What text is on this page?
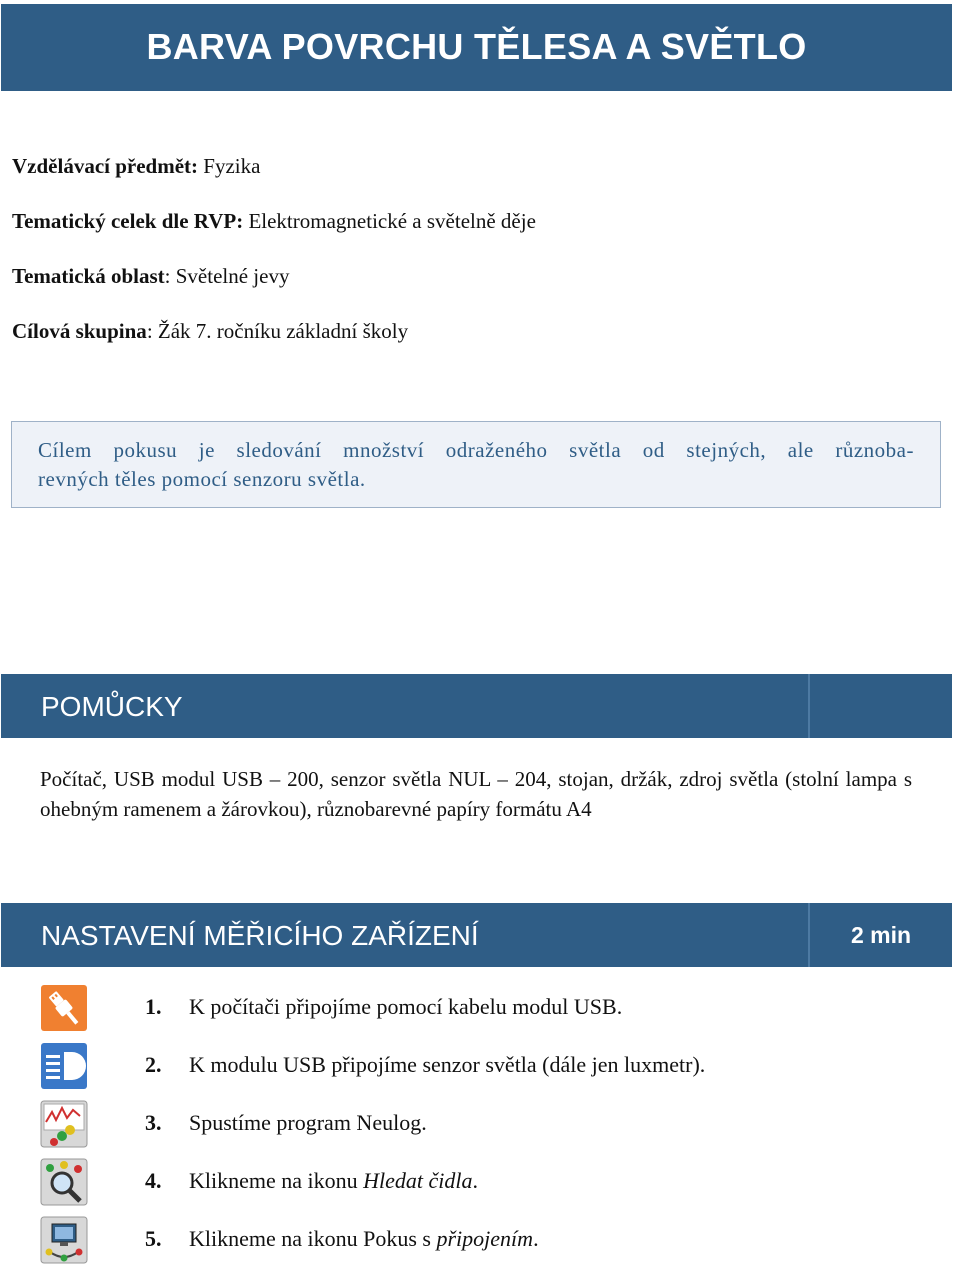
BARVA POVRCHU TĚLESA A SVĚTLO
Vzdělávací předmět: Fyzika
Tematický celek dle RVP: Elektromagnetické a světelně děje
Tematická oblast: Světelné jevy
Cílová skupina: Žák 7. ročníku základní školy
Cílem pokusu je sledování množství odraženého světla od stejných, ale různoba-
revných těles pomocí senzoru světla.
POMŮCKY
Počítač, USB modul USB – 200, senzor světla NUL – 204, stojan, držák, zdroj světla (stolní lampa s ohebným ramenem a žárovkou), různobarevné papíry formátu A4
NASTAVENÍ MĚŘICÍHO ZAŘÍZENÍ	2 min
1. K počítači připojíme pomocí kabelu modul USB.
2. K modulu USB připojíme senzor světla (dále jen luxmetr).
3. Spustíme program Neulog.
4. Klikneme na ikonu Hledat čidla.
5. Klikneme na ikonu Pokus s připojením.
